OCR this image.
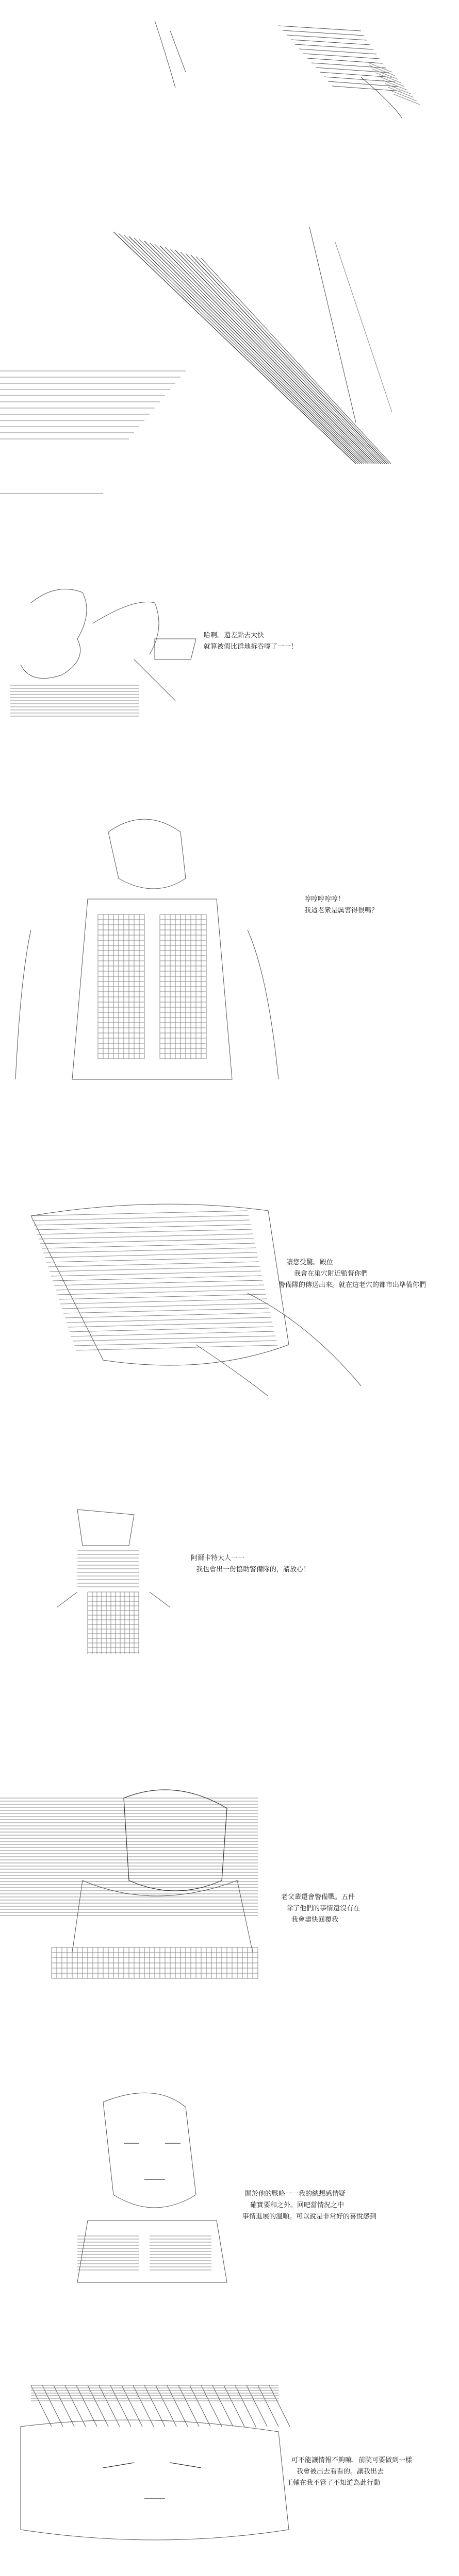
哈啊。還差點去大快
就算被假比群地拆吞噬了一一！
哼哼哼哼哼！
我這老衆是厲害得很嗎？
讓您受驚。殿位
我會在巢穴附近監督你們
警備隊的傳送出來。就在這老穴的都市出準備你們
阿爾卡特大人一一
我也會出一份協助警備隊的，請放心！
老父輩還會警備戰。五件
除了他們的事情還沒有在
我會盡快回覆我
關於他的戰略一一我的總想感情疑
確實要和之外。回吧當情況之中
事情進展的溫順。可以說是非常好的喜悅感到
可不能讓情報不夠嘛．前院可要做到一樣
我會被出去看看的。讓我出去
王輔在我不管了不知道為此行動
